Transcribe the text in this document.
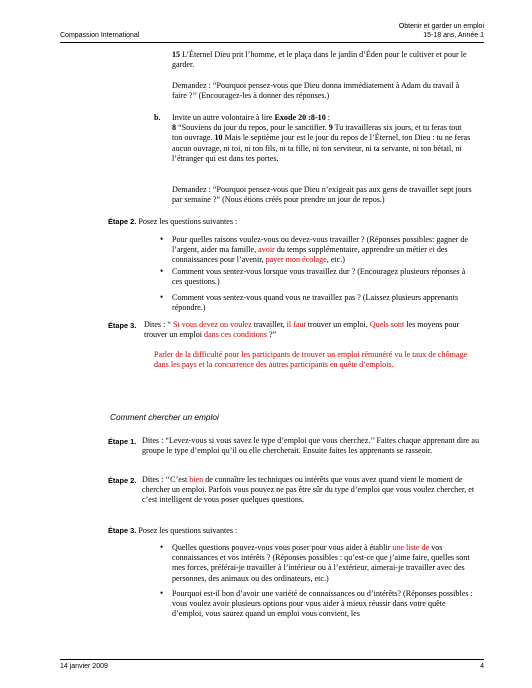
Compassion International
Obtenir et garder un emploi
15-18 ans, Année 1

15 L’Éternel Dieu prit l’homme, et le plaça dans le jardin d’Éden pour le cultiver et pour le garder.

Demandez : “Pourquoi pensez-vous que Dieu donna immédiatement à Adam du travail à faire ?’’ (Encouragez-les à donner des réponses.)
b. Invite un autre volontaire à lire Exode 20 :8-10 :

8 “Souviens du jour du repos, pour le sanctifier. 9 Tu travailleras six jours, et tu feras tout ton ouvrage. 10 Mais le septième jour est le jour du repos de l’Éternel, ton Dieu : tu ne feras aucun ouvrage, ni toi, ni ton fils, ni ta fille, ni ton serviteur, ni ta servante, ni ton bétail, ni l’étranger qui est dans tes portes.

Demandez : “Pourquoi pensez-vous que Dieu n’exigeait pas aux gens de travailler sept jours par semaine ?” (Nous étions créés pour prendre un jour de repos.)
Étape 2. Posez les questions suivantes :
• Pour quelles raisons voulez-vous ou devez-vous travailler ? (Réponses possibles: gagner de l’argent, aider ma famille, avoir du temps supplémentaire, apprendre un métier et des connaissances pour l’avenir, payer mon écolage, etc.)

• Comment vous sentez-vous lorsque vous travaillez dur ? (Encouragez plusieurs réponses à ces questions.)
• Comment vous sentez-vous quand vous ne travaillez pas ? (Laissez plusieurs apprenants répondre.)
Étape 3. Dites : “ Si vous devez ou voulez travailler, il faut trouver un emploi. Quels sont les moyens pour trouver un emploi dans ces conditions ?”

Parler de la difficulté pour les participants de trouver un emploi rémunéré vu le taux de chômage dans les pays et la concurrence des autres participants en quête d’emplois.
Comment chercher un emploi
Étape 1. Dites : “Levez-vous si vous savez le type d’emploi que vous cherchez.’’ Faites chaque apprenant dire au groupe le type d’emploi qu’il ou elle chercherait. Ensuite faites les apprenants se rasseoir.
Étape 2. Dites : ‘‘C’est bien de connaître les techniques ou intérêts que vous avez quand vient le moment de chercher un emploi. Parfois vous pouvez ne pas être sûr du type d’emploi que vous voulez chercher, et c’est intelligent de vous poser quelques questions.

Étape 3. Posez les questions suivantes :
• Quelles questions pouvez-vous vous poser pour vous aider à établir une liste de vos connaissances et vos intérêts ? (Réponses possibles : qu’est-ce que j’aime faire, quelles sont mes forces, préférai-je travailler à l’intérieur ou à l’extérieur, aimerai-je travailler avec des personnes, des animaux ou des ordinateurs, etc.)

• Pourquoi est-il bon d’avoir une variété de connaissances ou d’intérêts? (Réponses possibles : vous voulez avoir plusieurs options pour vous aider à mieux réussir dans votre quête d’emploi, vous saurez quand un emploi vous convient, les
14 janvier 2009	4
